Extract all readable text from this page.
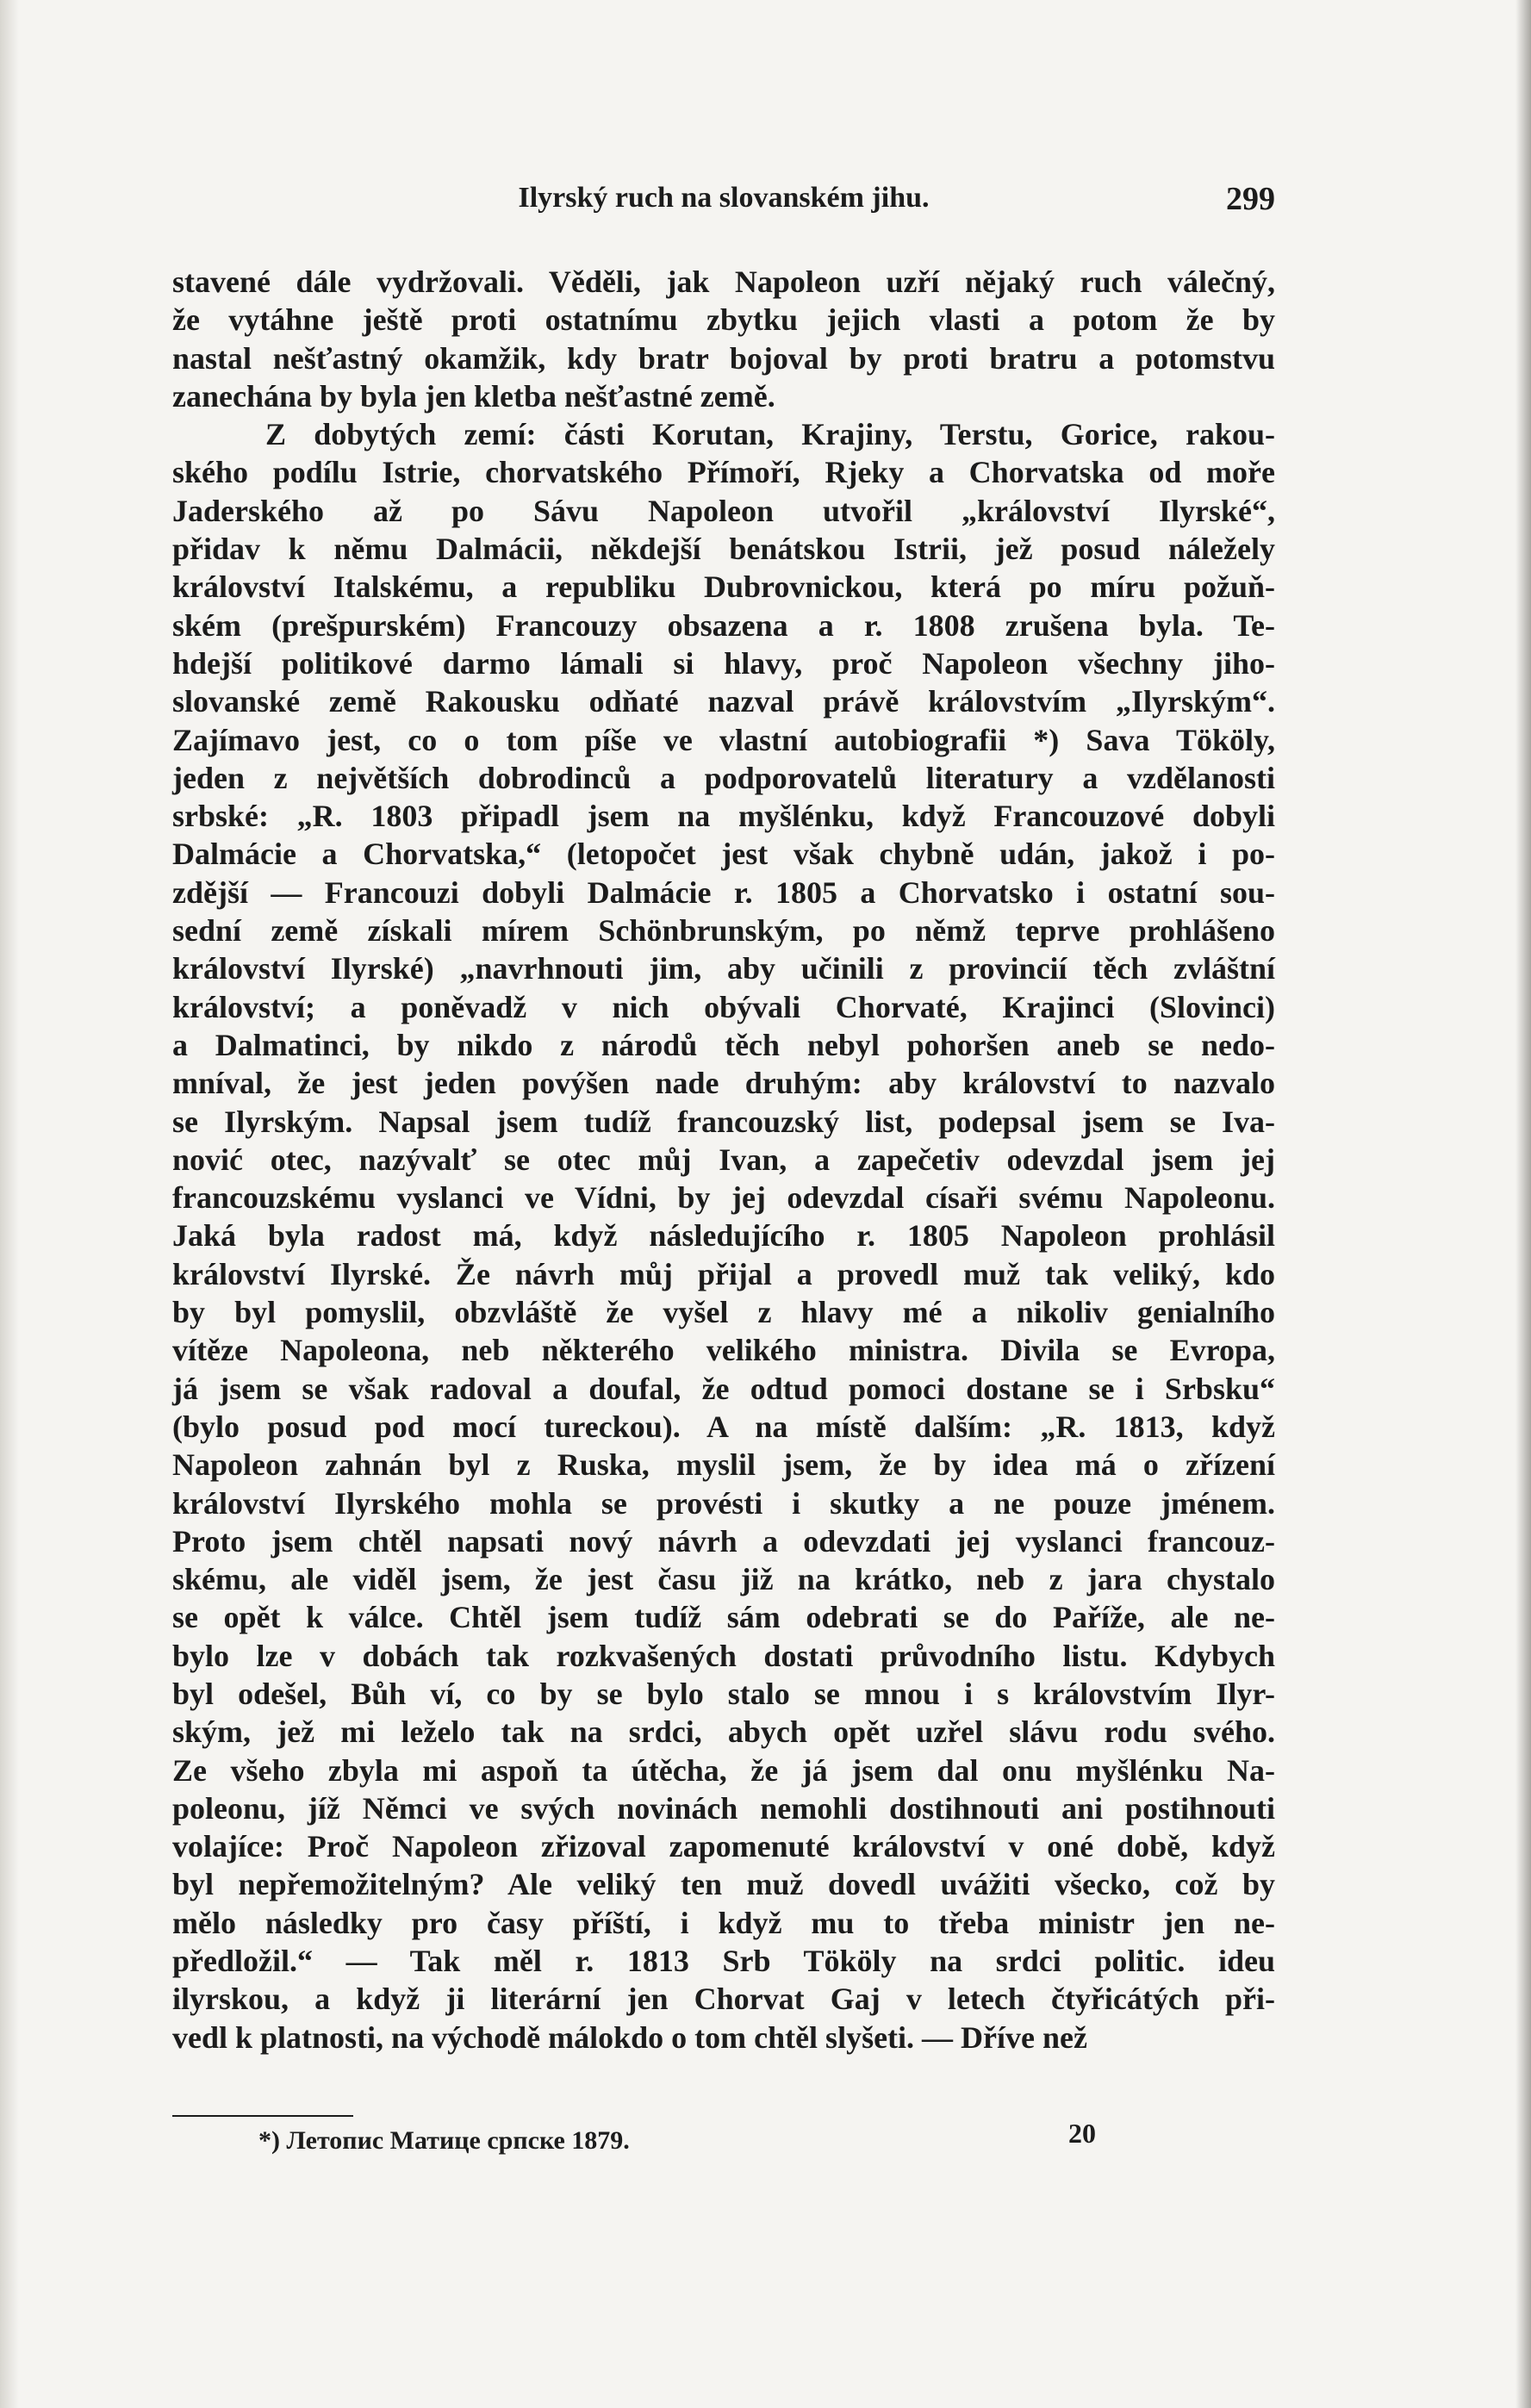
Ilyrský ruch na slovanském jihu.	299
stavené dále vydržovali. Věděli, jak Napoleon uzří nějaký ruch válečný,
že vytáhne ještě proti ostatnímu zbytku jejich vlasti a potom že by
nastal nešťastný okamžik, kdy bratr bojoval by proti bratru a potomstvu
zanechána by byla jen kletba nešťastné země.
Z dobytých zemí: části Korutan, Krajiny, Terstu, Gorice, rakou-
ského podílu Istrie, chorvatského Přímoří, Rjeky a Chorvatska od moře
Jaderského až po Sávu Napoleon utvořil „království Ilyrské“,
přidav k němu Dalmácii, někdejší benátskou Istrii, jež posud náležely
království Italskému, a republiku Dubrovnickou, která po míru požuň-
ském (prešpurském) Francouzy obsazena a r. 1808 zrušena byla. Te-
hdejší politikové darmo lámali si hlavy, proč Napoleon všechny jiho-
slovanské země Rakousku odňaté nazval právě královstvím „Ilyrským“.
Zajímavo jest, co o tom píše ve vlastní autobiografii *) Sava Tököly,
jeden z největších dobrodinců a podporovatelů literatury a vzdělanosti
srbské: „R. 1803 připadl jsem na myšlénku, když Francouzové dobyli
Dalmácie a Chorvatska,“ (letopočet jest však chybně udán, jakož i po-
zdější — Francouzi dobyli Dalmácie r. 1805 a Chorvatsko i ostatní sou-
sední země získali mírem Schönbrunským, po němž teprve prohlášeno
království Ilyrské) „navrhnouti jim, aby učinili z provincií těch zvláštní
království; a poněvadž v nich obývali Chorvaté, Krajinci (Slovinci)
a Dalmatinci, by nikdo z národů těch nebyl pohoršen aneb se nedo-
mníval, že jest jeden povýšen nade druhým: aby království to nazvalo
se Ilyrským. Napsal jsem tudíž francouzský list, podepsal jsem se Iva-
nović otec, nazývalť se otec můj Ivan, a zapečetiv odevzdal jsem jej
francouzskému vyslanci ve Vídni, by jej odevzdal císaři svému Napoleonu.
Jaká byla radost má, když následujícího r. 1805 Napoleon prohlásil
království Ilyrské. Že návrh můj přijal a provedl muž tak veliký, kdo
by byl pomyslil, obzvláště že vyšel z hlavy mé a nikoliv genialního
vítěze Napoleona, neb některého velikého ministra. Divila se Evropa,
já jsem se však radoval a doufal, že odtud pomoci dostane se i Srbsku“
(bylo posud pod mocí tureckou). A na místě dalším: „R. 1813, když
Napoleon zahnán byl z Ruska, myslil jsem, že by idea má o zřízení
království Ilyrského mohla se provésti i skutky a ne pouze jménem.
Proto jsem chtěl napsati nový návrh a odevzdati jej vyslanci francouz-
skému, ale viděl jsem, že jest času již na krátko, neb z jara chystalo
se opět k válce. Chtěl jsem tudíž sám odebrati se do Paříže, ale ne-
bylo lze v dobách tak rozkvašených dostati průvodního listu. Kdybych
byl odešel, Bůh ví, co by se bylo stalo se mnou i s královstvím Ilyr-
ským, jež mi leželo tak na srdci, abych opět uzřel slávu rodu svého.
Ze všeho zbyla mi aspoň ta útěcha, že já jsem dal onu myšlénku Na-
poleonu, jíž Němci ve svých novinách nemohli dostihnouti ani postihnouti
volajíce: Proč Napoleon zřizoval zapomenuté království v oné době, když
byl nepřemožitelným? Ale veliký ten muž dovedl uvážiti všecko, což by
mělo následky pro časy příští, i když mu to třeba ministr jen ne-
předložil.“ — Tak měl r. 1813 Srb Tököly na srdci politic. ideu
ilyrskou, a když ji literární jen Chorvat Gaj v letech čtyřicátých při-
vedl k platnosti, na východě málokdo o tom chtěl slyšeti. — Dříve než
*) Летопис Матице српске 1879.	20
